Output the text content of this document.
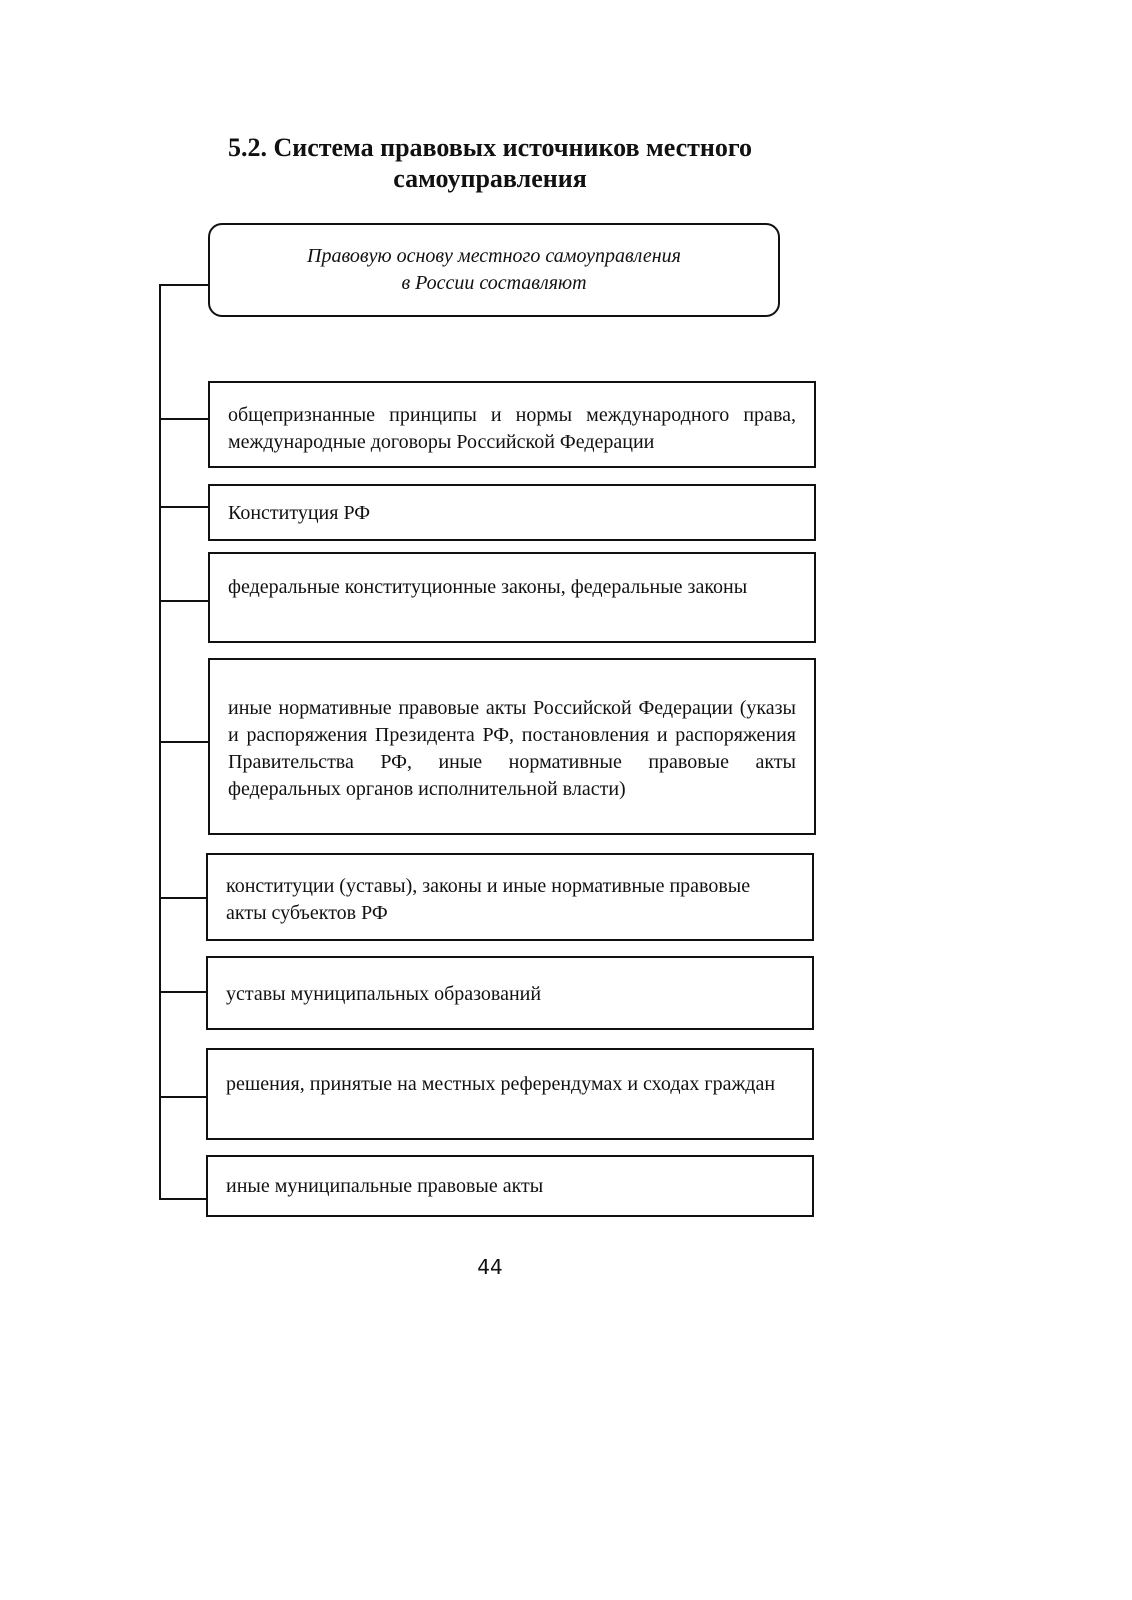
5.2. Система правовых источников местного
самоуправления
Правовую основу местного самоуправления
в России составляют
общепризнанные принципы и нормы международного права, международные договоры Российской Федерации
Конституция РФ
федеральные конституционные законы, федеральные законы
иные нормативные правовые акты Российской Федерации (указы и распоряжения Президента РФ, постановления и распоряжения Правительства РФ, иные нормативные правовые акты федеральных органов исполнительной власти)
конституции (уставы), законы и иные нормативные правовые акты субъектов РФ
уставы муниципальных образований
решения, принятые на местных референдумах и сходах граждан
иные муниципальные правовые акты
44
